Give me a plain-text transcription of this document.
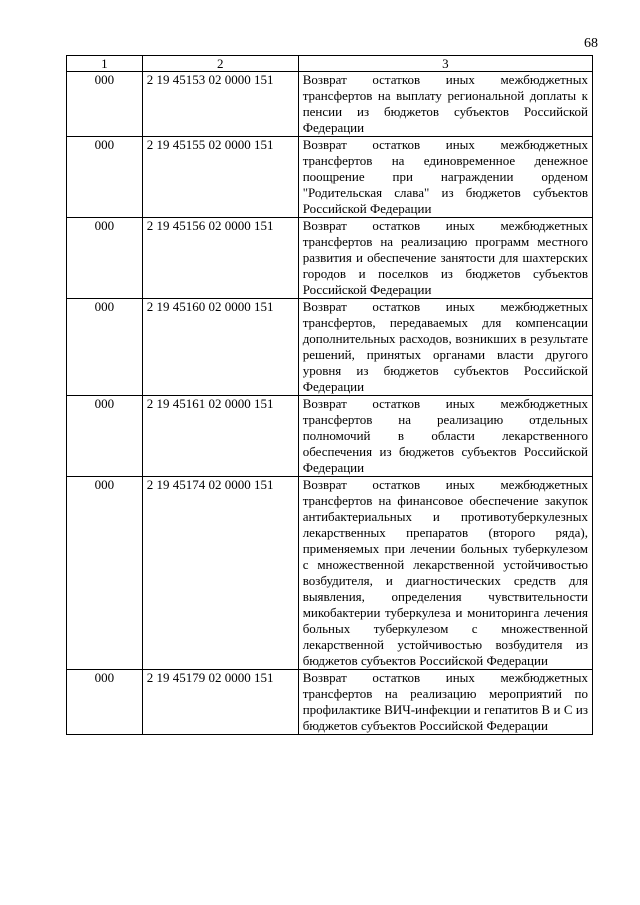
68
1	2	3
000	2 19 45153 02 0000 151	Возврат остатков иных межбюджетных трансфертов на выплату региональной доплаты к пенсии из бюджетов субъектов Российской Федерации
000	2 19 45155 02 0000 151	Возврат остатков иных межбюджетных трансфертов на единовременное денежное поощрение при награждении орденом "Родительская слава" из бюджетов субъектов Российской Федерации
000	2 19 45156 02 0000 151	Возврат остатков иных межбюджетных трансфертов на реализацию программ местного развития и обеспечение занятости для шахтерских городов и поселков из бюджетов субъектов Российской Федерации
000	2 19 45160 02 0000 151	Возврат остатков иных межбюджетных трансфертов, передаваемых для компенсации дополнительных расходов, возникших в результате решений, принятых органами власти другого уровня из бюджетов субъектов Российской Федерации
000	2 19 45161 02 0000 151	Возврат остатков иных межбюджетных трансфертов на реализацию отдельных полномочий в области лекарственного обеспечения из бюджетов субъектов Российской Федерации
000	2 19 45174 02 0000 151	Возврат остатков иных межбюджетных трансфертов на финансовое обеспечение закупок антибактериальных и противотуберкулезных лекарственных препаратов (второго ряда), применяемых при лечении больных туберкулезом с множественной лекарственной устойчивостью возбудителя, и диагностических средств для выявления, определения чувствительности микобактерии туберкулеза и мониторинга лечения больных туберкулезом с множественной лекарственной устойчивостью возбудителя из бюджетов субъектов Российской Федерации
000	2 19 45179 02 0000 151	Возврат остатков иных межбюджетных трансфертов на реализацию мероприятий по профилактике ВИЧ-инфекции и гепатитов B и C из бюджетов субъектов Российской Федерации
